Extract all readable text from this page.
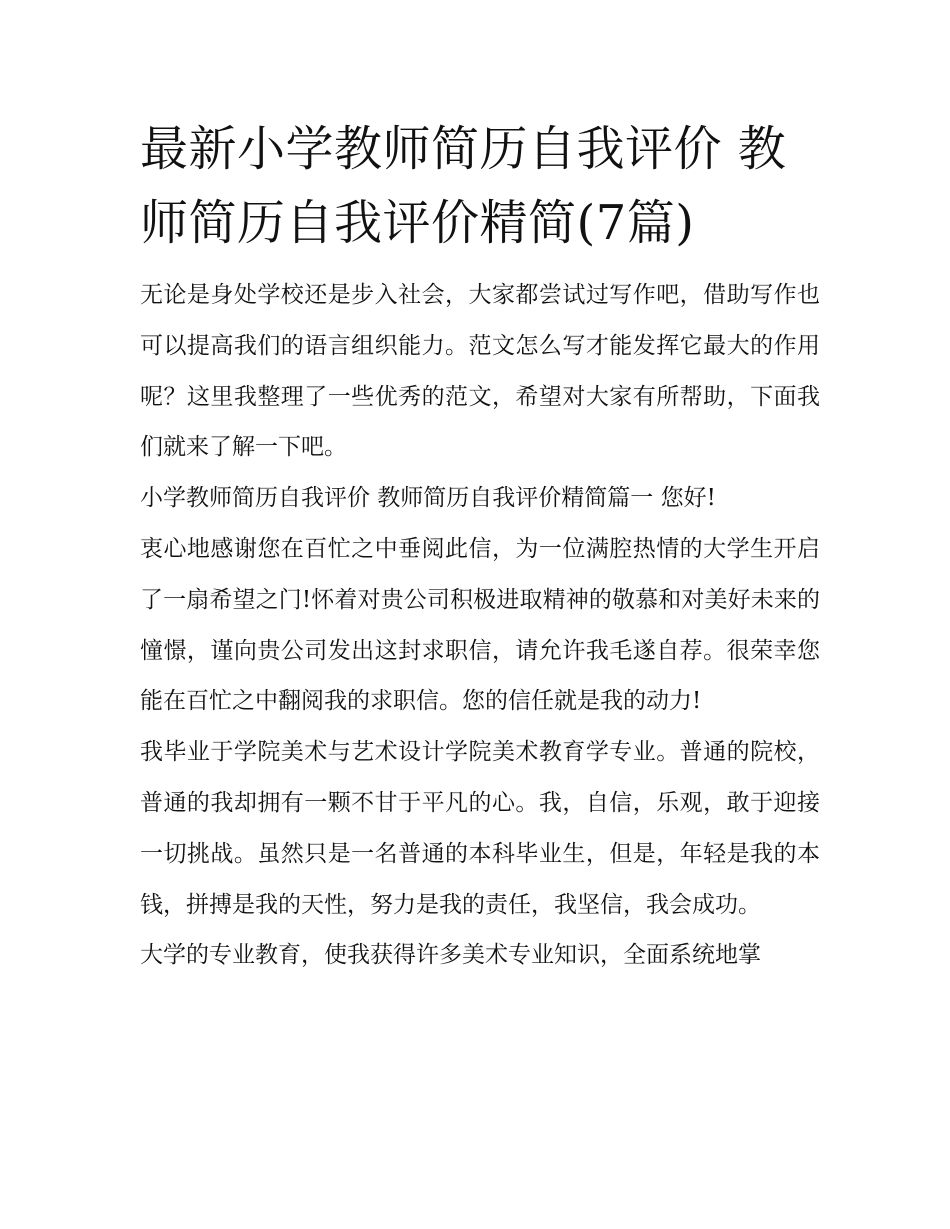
最新小学教师简历自我评价 教师简历自我评价精简(7篇)

无论是身处学校还是步入社会，大家都尝试过写作吧，借助写作也可以提高我们的语言组织能力。范文怎么写才能发挥它最大的作用呢？这里我整理了一些优秀的范文，希望对大家有所帮助，下面我们就来了解一下吧。

小学教师简历自我评价 教师简历自我评价精简篇一 您好!

衷心地感谢您在百忙之中垂阅此信，为一位满腔热情的大学生开启了一扇希望之门!怀着对贵公司积极进取精神的敬慕和对美好未来的憧憬，谨向贵公司发出这封求职信，请允许我毛遂自荐。很荣幸您能在百忙之中翻阅我的求职信。您的信任就是我的动力!

我毕业于学院美术与艺术设计学院美术教育学专业。普通的院校，普通的我却拥有一颗不甘于平凡的心。我，自信，乐观，敢于迎接一切挑战。虽然只是一名普通的本科毕业生，但是，年轻是我的本钱，拼搏是我的天性，努力是我的责任，我坚信，我会成功。

大学的专业教育，使我获得许多美术专业知识，全面系统地掌
